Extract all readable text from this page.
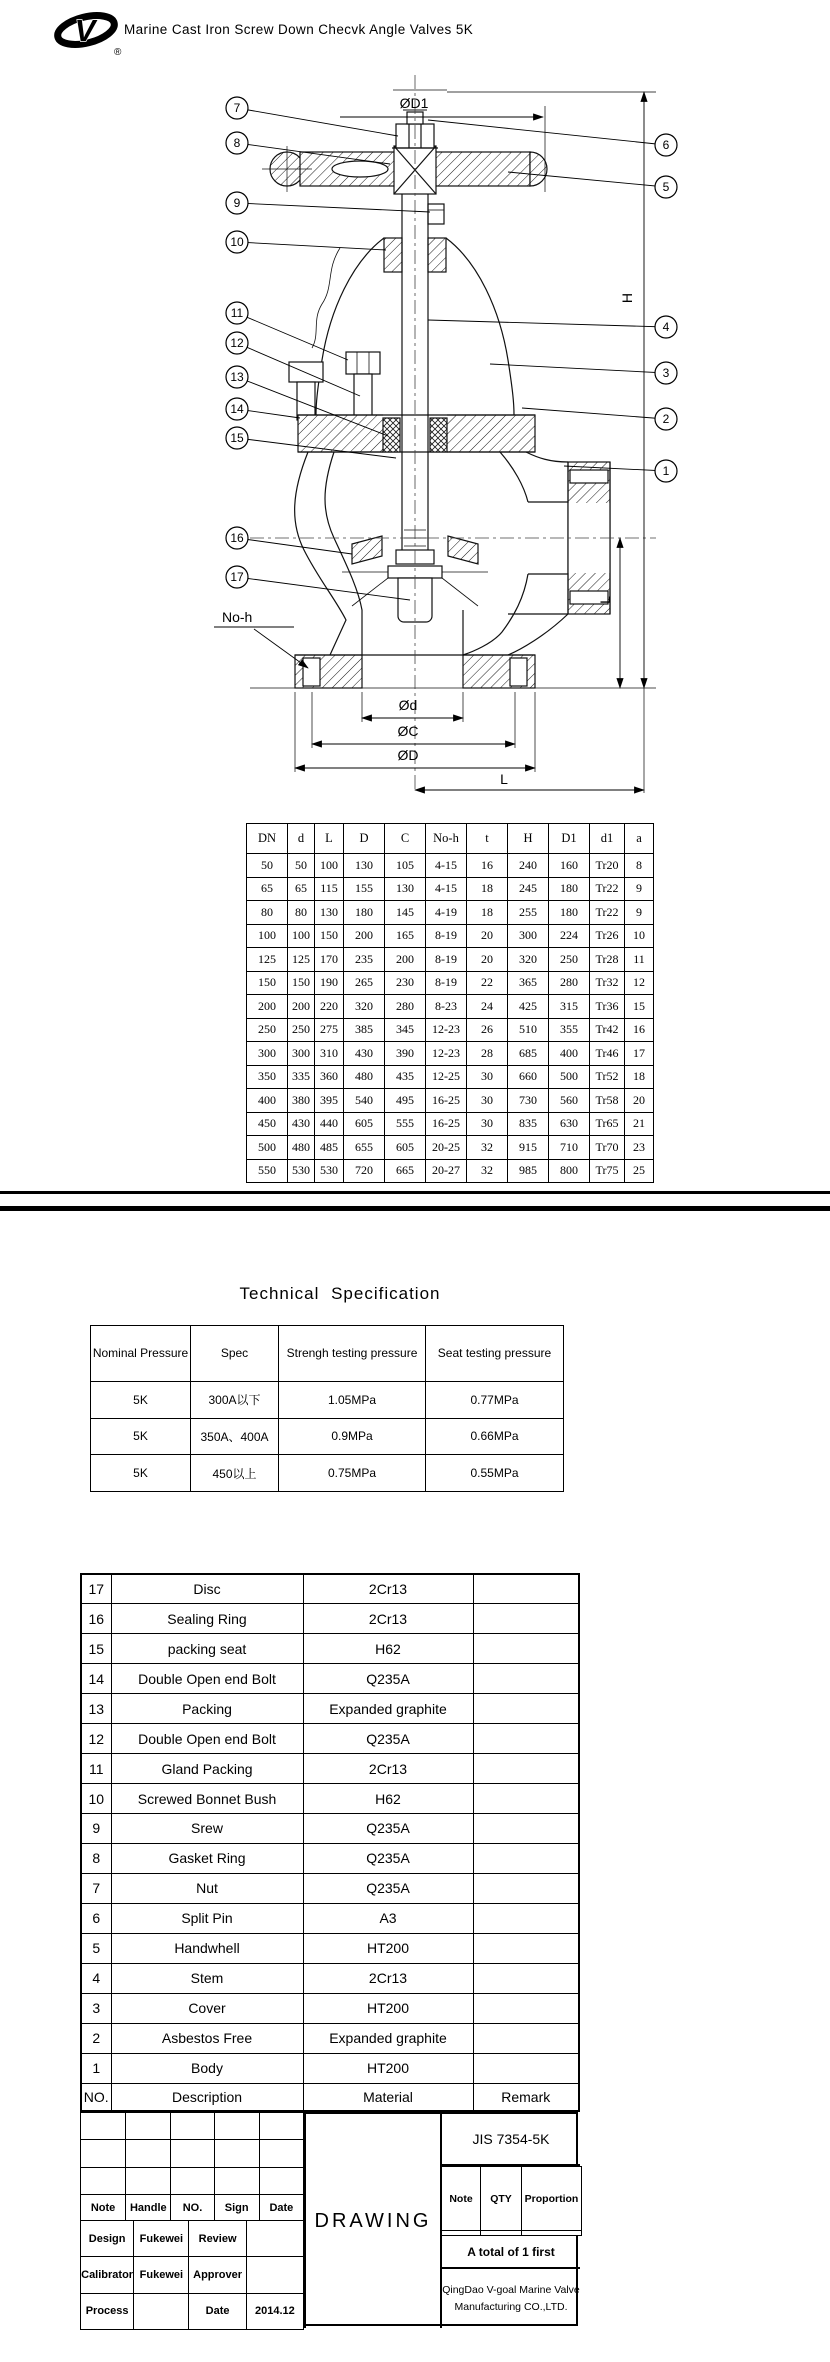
V
®
Marine Cast Iron Screw Down Checvk Angle Valves 5K
ØD1
H
L
No-h
Ød
ØC
ØD
L
7
8
9
10
11
12
13
14
15
16
17
6
5
4
3
2
1
DN	d	L	D	C	No-h	t	H	D1	d1	a
50	50	100	130	105	4-15	16	240	160	Tr20	8
65	65	115	155	130	4-15	18	245	180	Tr22	9
80	80	130	180	145	4-19	18	255	180	Tr22	9
100	100	150	200	165	8-19	20	300	224	Tr26	10
125	125	170	235	200	8-19	20	320	250	Tr28	11
150	150	190	265	230	8-19	22	365	280	Tr32	12
200	200	220	320	280	8-23	24	425	315	Tr36	15
250	250	275	385	345	12-23	26	510	355	Tr42	16
300	300	310	430	390	12-23	28	685	400	Tr46	17
350	335	360	480	435	12-25	30	660	500	Tr52	18
400	380	395	540	495	16-25	30	730	560	Tr58	20
450	430	440	605	555	16-25	30	835	630	Tr65	21
500	480	485	655	605	20-25	32	915	710	Tr70	23
550	530	530	720	665	20-27	32	985	800	Tr75	25
Technical Specification
Nominal Pressure	Spec	Strengh testing pressure	Seat testing pressure
5K	300A以下	1.05MPa	0.77MPa
5K	350A、400A	0.9MPa	0.66MPa
5K	450以上	0.75MPa	0.55MPa
17	Disc	2Cr13	
16	Sealing Ring	2Cr13	
15	packing seat	H62	
14	Double Open end Bolt	Q235A	
13	Packing	Expanded graphite	
12	Double Open end Bolt	Q235A	
11	Gland Packing	2Cr13	
10	Screwed Bonnet Bush	H62	
9	Srew	Q235A	
8	Gasket Ring	Q235A	
7	Nut	Q235A	
6	Split Pin	A3	
5	Handwhell	HT200	
4	Stem	2Cr13	
3	Cover	HT200	
2	Asbestos Free	Expanded graphite	
1	Body	HT200	
NO.	Description	Material	Remark

Note	Handle	NO.	Sign	Date
Design	Fukewei	Review	
Calibrator	Fukewei	Approver	
Process		Date	2014.12
DRAWING
JIS 7354-5K
Note	QTY	Proportion

A total of 1 first
QingDao V-goal Marine Valve
Manufacturing CO.,LTD.
